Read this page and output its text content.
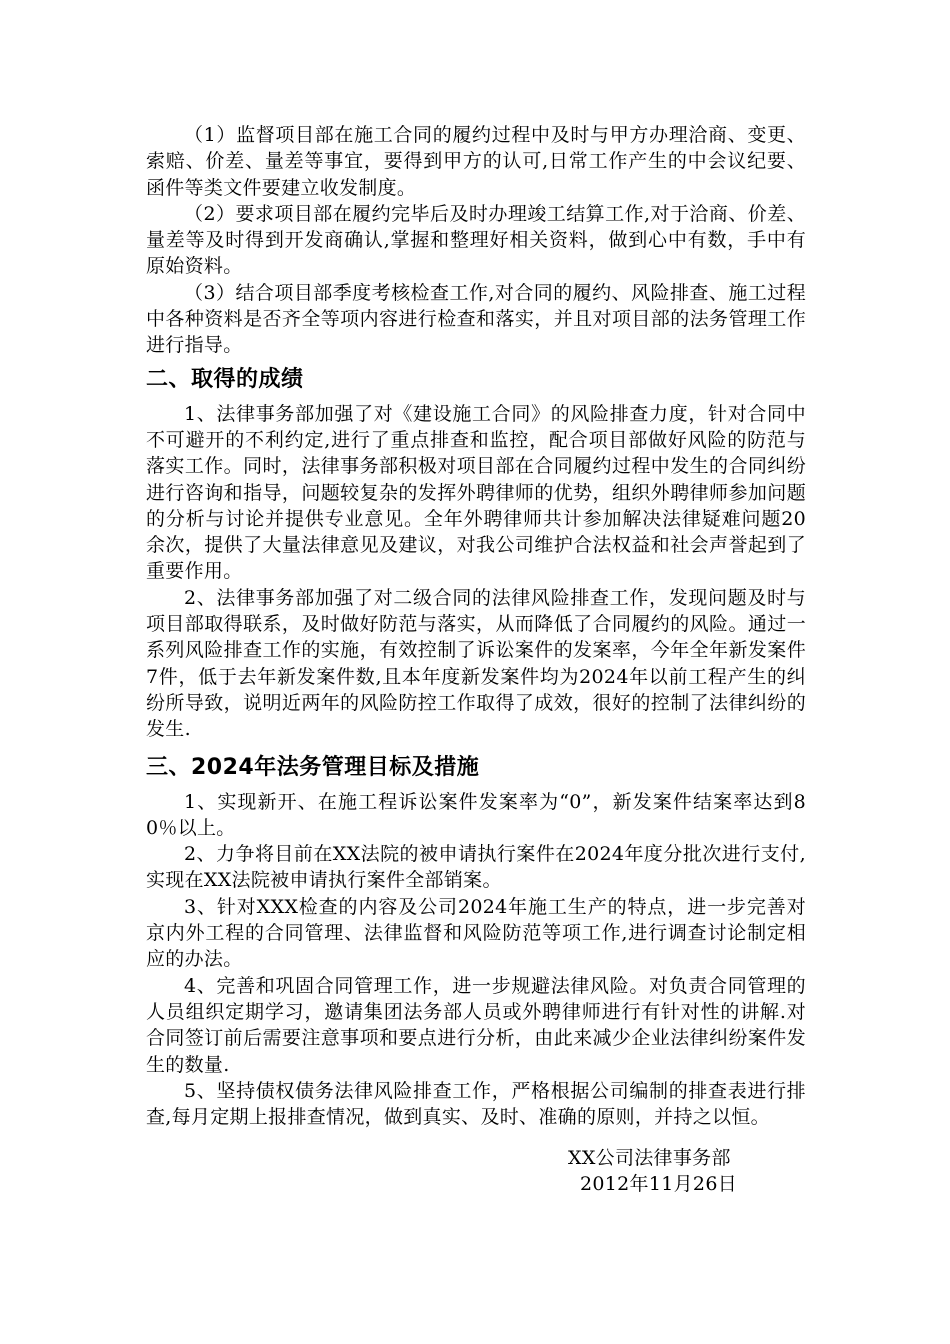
（1）监督项目部在施工合同的履约过程中及时与甲方办理洽商、变更、索赔、价差、量差等事宜，要得到甲方的认可,日常工作产生的中会议纪要、函件等类文件要建立收发制度。

（2）要求项目部在履约完毕后及时办理竣工结算工作,对于洽商、价差、量差等及时得到开发商确认,掌握和整理好相关资料，做到心中有数，手中有原始资料。

（3）结合项目部季度考核检查工作,对合同的履约、风险排查、施工过程中各种资料是否齐全等项内容进行检查和落实，并且对项目部的法务管理工作进行指导。

二、取得的成绩

1、法律事务部加强了对《建设施工合同》的风险排查力度，针对合同中不可避开的不利约定,进行了重点排查和监控，配合项目部做好风险的防范与落实工作。同时，法律事务部积极对项目部在合同履约过程中发生的合同纠纷进行咨询和指导，问题较复杂的发挥外聘律师的优势，组织外聘律师参加问题的分析与讨论并提供专业意见。全年外聘律师共计参加解决法律疑难问题20余次，提供了大量法律意见及建议，对我公司维护合法权益和社会声誉起到了重要作用。

2、法律事务部加强了对二级合同的法律风险排查工作，发现问题及时与项目部取得联系，及时做好防范与落实，从而降低了合同履约的风险。通过一系列风险排查工作的实施，有效控制了诉讼案件的发案率，今年全年新发案件7件，低于去年新发案件数,且本年度新发案件均为2024年以前工程产生的纠纷所导致，说明近两年的风险防控工作取得了成效，很好的控制了法律纠纷的发生.

三、2024年法务管理目标及措施

1、实现新开、在施工程诉讼案件发案率为“0”，新发案件结案率达到80％以上。

2、力争将目前在XX法院的被申请执行案件在2024年度分批次进行支付,实现在XX法院被申请执行案件全部销案。

3、针对XXX检查的内容及公司2024年施工生产的特点，进一步完善对京内外工程的合同管理、法律监督和风险防范等项工作,进行调查讨论制定相应的办法。

4、完善和巩固合同管理工作，进一步规避法律风险。对负责合同管理的人员组织定期学习，邀请集团法务部人员或外聘律师进行有针对性的讲解.对合同签订前后需要注意事项和要点进行分析，由此来减少企业法律纠纷案件发生的数量.

5、坚持债权债务法律风险排查工作，严格根据公司编制的排查表进行排查,每月定期上报排查情况，做到真实、及时、准确的原则，并持之以恒。

XX公司法律事务部
2012年11月26日
